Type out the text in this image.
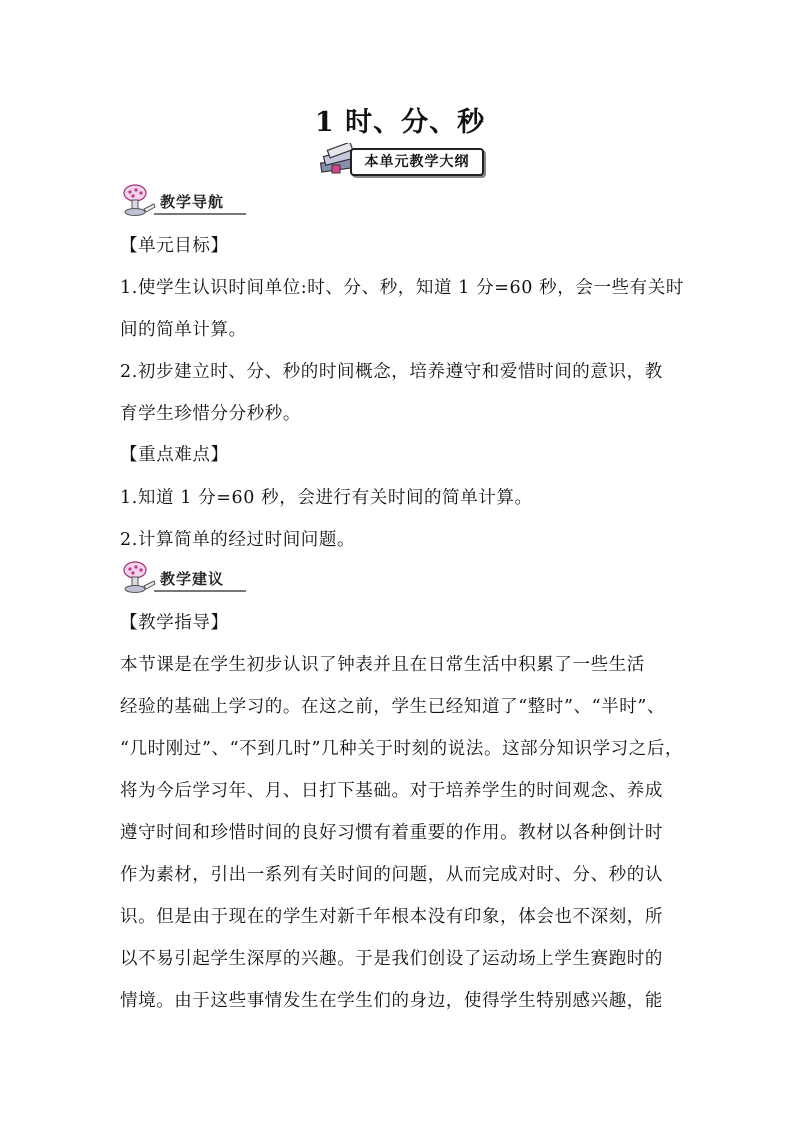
1 时、分、秒
本单元教学大纲
教学导航
【单元目标】
1.使学生认识时间单位:时、分、秒，知道 1 分=60 秒，会一些有关时
间的简单计算。
2.初步建立时、分、秒的时间概念，培养遵守和爱惜时间的意识，教
育学生珍惜分分秒秒。
【重点难点】
1.知道 1 分=60 秒，会进行有关时间的简单计算。
2.计算简单的经过时间问题。
教学建议
【教学指导】
本节课是在学生初步认识了钟表并且在日常生活中积累了一些生活
经验的基础上学习的。在这之前，学生已经知道了“整时”、“半时”、
“几时刚过”、“不到几时”几种关于时刻的说法。这部分知识学习之后，
将为今后学习年、月、日打下基础。对于培养学生的时间观念、养成
遵守时间和珍惜时间的良好习惯有着重要的作用。教材以各种倒计时
作为素材，引出一系列有关时间的问题，从而完成对时、分、秒的认
识。但是由于现在的学生对新千年根本没有印象，体会也不深刻，所
以不易引起学生深厚的兴趣。于是我们创设了运动场上学生赛跑时的
情境。由于这些事情发生在学生们的身边，使得学生特别感兴趣，能
